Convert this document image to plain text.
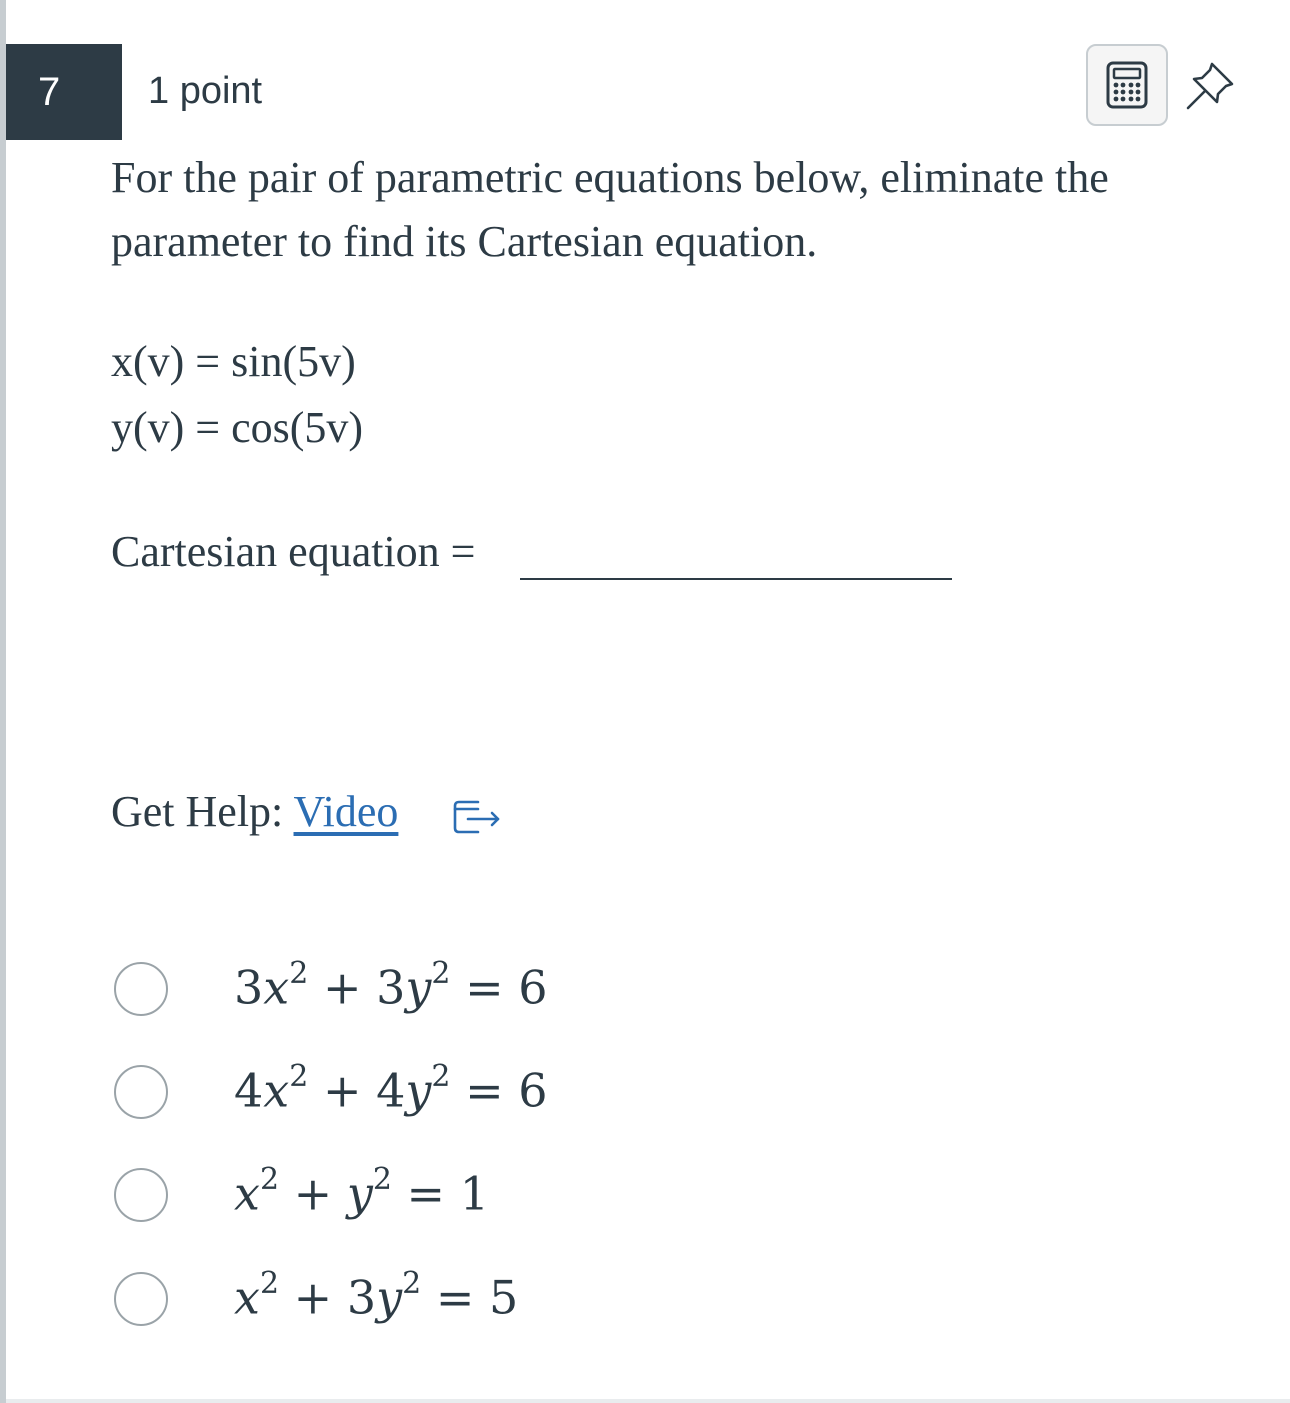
7	1 point
For the pair of parametric equations below, eliminate the parameter to find its Cartesian equation.
x(v) = sin(5v)
y(v) = cos(5v)
Cartesian equation =
Get Help: Video
$3x^2 + 3y^2 = 6$
$4x^2 + 4y^2 = 6$
$x^2 + y^2 = 1$
$x^2 + 3y^2 = 5$
